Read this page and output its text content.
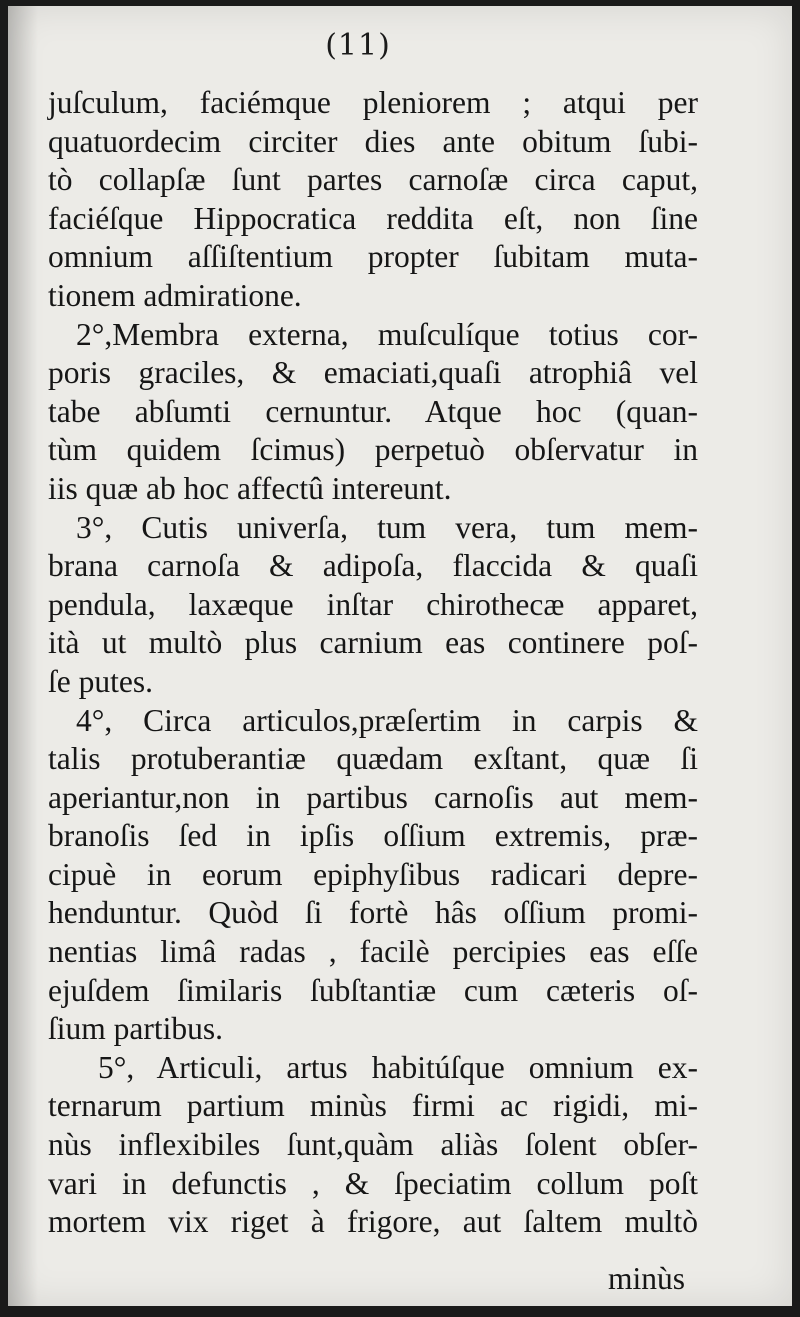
(11)
juſculum, faciémque pleniorem ; atqui per
quatuordecim circiter dies ante obitum ſubi-
tò collapſæ ſunt partes carnoſæ circa caput,
faciéſque Hippocratica reddita eſt, non ſine
omnium aſſiſtentium propter ſubitam muta-
tionem admiratione.
2°,Membra externa, muſculíque totius cor-
poris graciles, & emaciati,quaſi atrophiâ vel
tabe abſumti cernuntur. Atque hoc (quan-
tùm quidem ſcimus) perpetuò obſervatur in
iis quæ ab hoc affectû intereunt.
3°, Cutis univerſa, tum vera, tum mem-
brana carnoſa & adipoſa, flaccida & quaſi
pendula, laxæque inſtar chirothecæ apparet,
ità ut multò plus carnium eas continere poſ-
ſe putes.
4°, Circa articulos,præſertim in carpis &
talis protuberantiæ quædam exſtant, quæ ſi
aperiantur,non in partibus carnoſis aut mem-
branoſis ſed in ipſis oſſium extremis, præ-
cipuè in eorum epiphyſibus radicari depre-
henduntur. Quòd ſi fortè hâs oſſium promi-
nentias limâ radas , facilè percipies eas eſſe
ejuſdem ſimilaris ſubſtantiæ cum cæteris oſ-
ſium partibus.
5°, Articuli, artus habitúſque omnium ex-
ternarum partium minùs firmi ac rigidi, mi-
nùs inflexibiles ſunt,quàm aliàs ſolent obſer-
vari in defunctis , & ſpeciatim collum poſt
mortem vix riget à frigore, aut ſaltem multò
minùs
